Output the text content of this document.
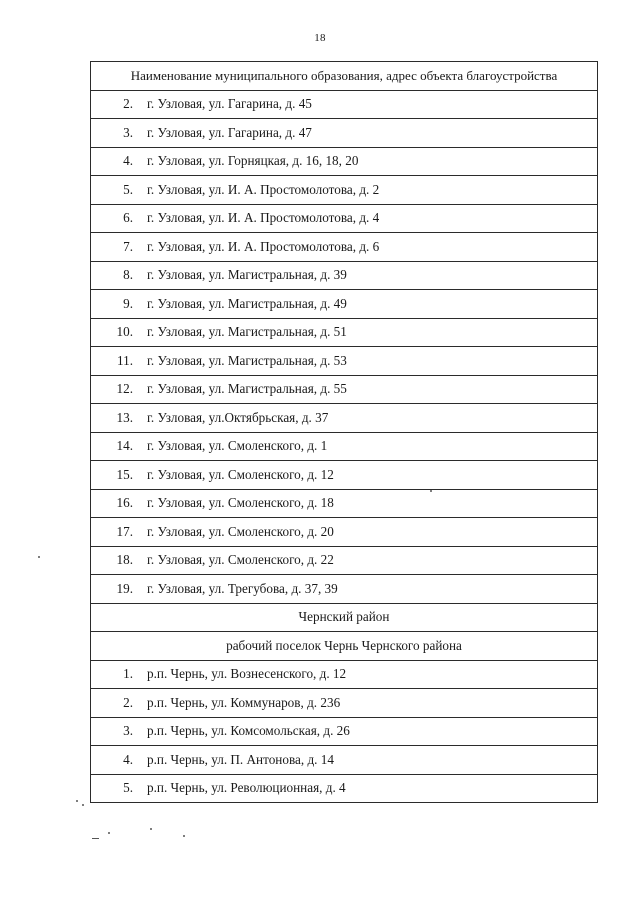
18
Наименование муниципального образования, адрес объекта благоустройства	
2.	г. Узловая, ул. Гагарина, д. 45
3.	г. Узловая, ул. Гагарина, д. 47
4.	г. Узловая, ул. Горняцкая, д. 16, 18, 20
5.	г. Узловая, ул. И. А. Простомолотова, д. 2
6.	г. Узловая, ул. И. А. Простомолотова, д. 4
7.	г. Узловая, ул. И. А. Простомолотова, д. 6
8.	г. Узловая, ул. Магистральная, д. 39
9.	г. Узловая, ул. Магистральная, д. 49
10.	г. Узловая, ул. Магистральная, д. 51
11.	г. Узловая, ул. Магистральная, д. 53
12.	г. Узловая, ул. Магистральная, д. 55
13.	г. Узловая, ул.Октябрьская, д. 37
14.	г. Узловая, ул. Смоленского, д. 1
15.	г. Узловая, ул. Смоленского, д. 12
16.	г. Узловая, ул. Смоленского, д. 18
17.	г. Узловая, ул. Смоленского, д. 20
18.	г. Узловая, ул. Смоленского, д. 22
19.	г. Узловая, ул. Трегубова, д. 37, 39
Чернский район	
рабочий поселок Чернь Чернского района	
1.	р.п. Чернь, ул. Вознесенского, д. 12
2.	р.п. Чернь, ул. Коммунаров, д. 236
3.	р.п. Чернь, ул. Комсомольская, д. 26
4.	р.п. Чернь, ул. П. Антонова, д. 14
5.	р.п. Чернь, ул. Революционная, д. 4
